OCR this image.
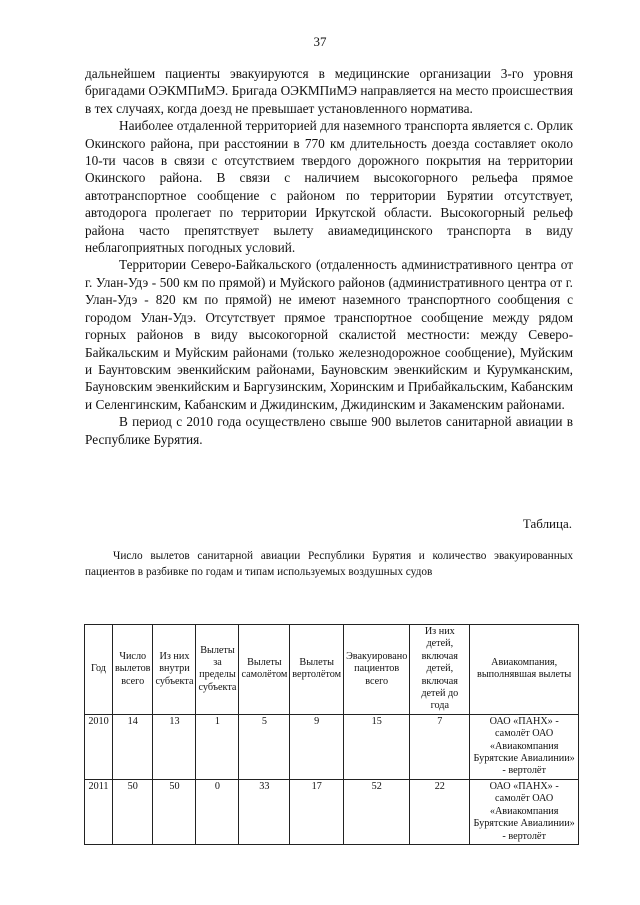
37

дальнейшем пациенты эвакуируются в медицинские организации 3-го уровня бригадами ОЭКМПиМЭ. Бригада ОЭКМПиМЭ направляется на место происшествия в тех случаях, когда доезд не превышает установленного норматива.

Наиболее отдаленной территорией для наземного транспорта является с. Орлик Окинского района, при расстоянии в 770 км длительность доезда составляет около 10-ти часов в связи с отсутствием твердого дорожного покрытия на территории Окинского района. В связи с наличием высокогорного рельефа прямое автотранспортное сообщение с районом по территории Бурятии отсутствует, автодорога пролегает по территории Иркутской области. Высокогорный рельеф района часто препятствует вылету авиамедицинского транспорта в виду неблагоприятных погодных условий.

Территории Северо-Байкальского (отдаленность административного центра от г. Улан-Удэ - 500 км по прямой) и Муйского районов (административного центра от г. Улан-Удэ - 820 км по прямой) не имеют наземного транспортного сообщения с городом Улан-Удэ. Отсутствует прямое транспортное сообщение между рядом горных районов в виду высокогорной скалистой местности: между Северо-Байкальским и Муйским районами (только железнодорожное сообщение), Муйским и Баунтовским эвенкийским районами, Бауновским эвенкийским и Курумканским, Бауновским эвенкийским и Баргузинским, Хоринским и Прибайкальским, Кабанским и Селенгинским, Кабанским и Джидинским, Джидинским и Закаменским районами.

В период с 2010 года осуществлено свыше 900 вылетов санитарной авиации в Республике Бурятия.

Таблица.
Число вылетов санитарной авиации Республики Бурятия и количество эвакуированных пациентов в разбивке по годам и типам используемых воздушных судов
Год	Число вылетов всего	Из них внутри субъекта	Вылеты за пределы субъекта	Вылеты самолётом	Вылеты вертолётом	Эвакуировано пациентов всего	Из них детей, включая детей, включая детей до года	Авиакомпания, выполнявшая вылеты
2010	14	13	1	5	9	15	7	ОАО «ПАНХ» - самолёт ОАО «Авиакомпания Бурятские Авиалинии» - вертолёт
2011	50	50	0	33	17	52	22	ОАО «ПАНХ» - самолёт ОАО «Авиакомпания Бурятские Авиалинии» - вертолёт
